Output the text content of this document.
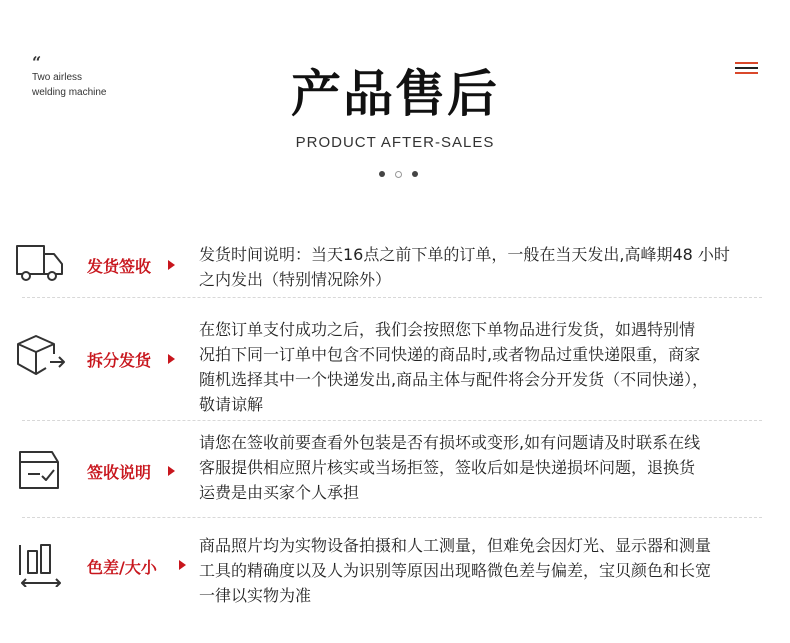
“
Two airless
welding machine	产品售后
PRODUCT AFTER-SALES
发货签收
发货时间说明：当天16点之前下单的订单，一般在当天发出,高峰期48 小时
之内发出（特别情况除外）
拆分发货
在您订单支付成功之后，我们会按照您下单物品进行发货，如遇特别情
况拍下同一订单中包含不同快递的商品时,或者物品过重快递限重，商家
随机选择其中一个快递发出,商品主体与配件将会分开发货（不同快递），
敬请谅解
签收说明
请您在签收前要查看外包装是否有损坏或变形,如有问题请及时联系在线
客服提供相应照片核实或当场拒签，签收后如是快递损坏问题，退换货
运费是由买家个人承担
色差/大小
商品照片均为实物设备拍摄和人工测量，但难免会因灯光、显示器和测量
工具的精确度以及人为识别等原因出现略微色差与偏差，宝贝颜色和长宽
一律以实物为准
